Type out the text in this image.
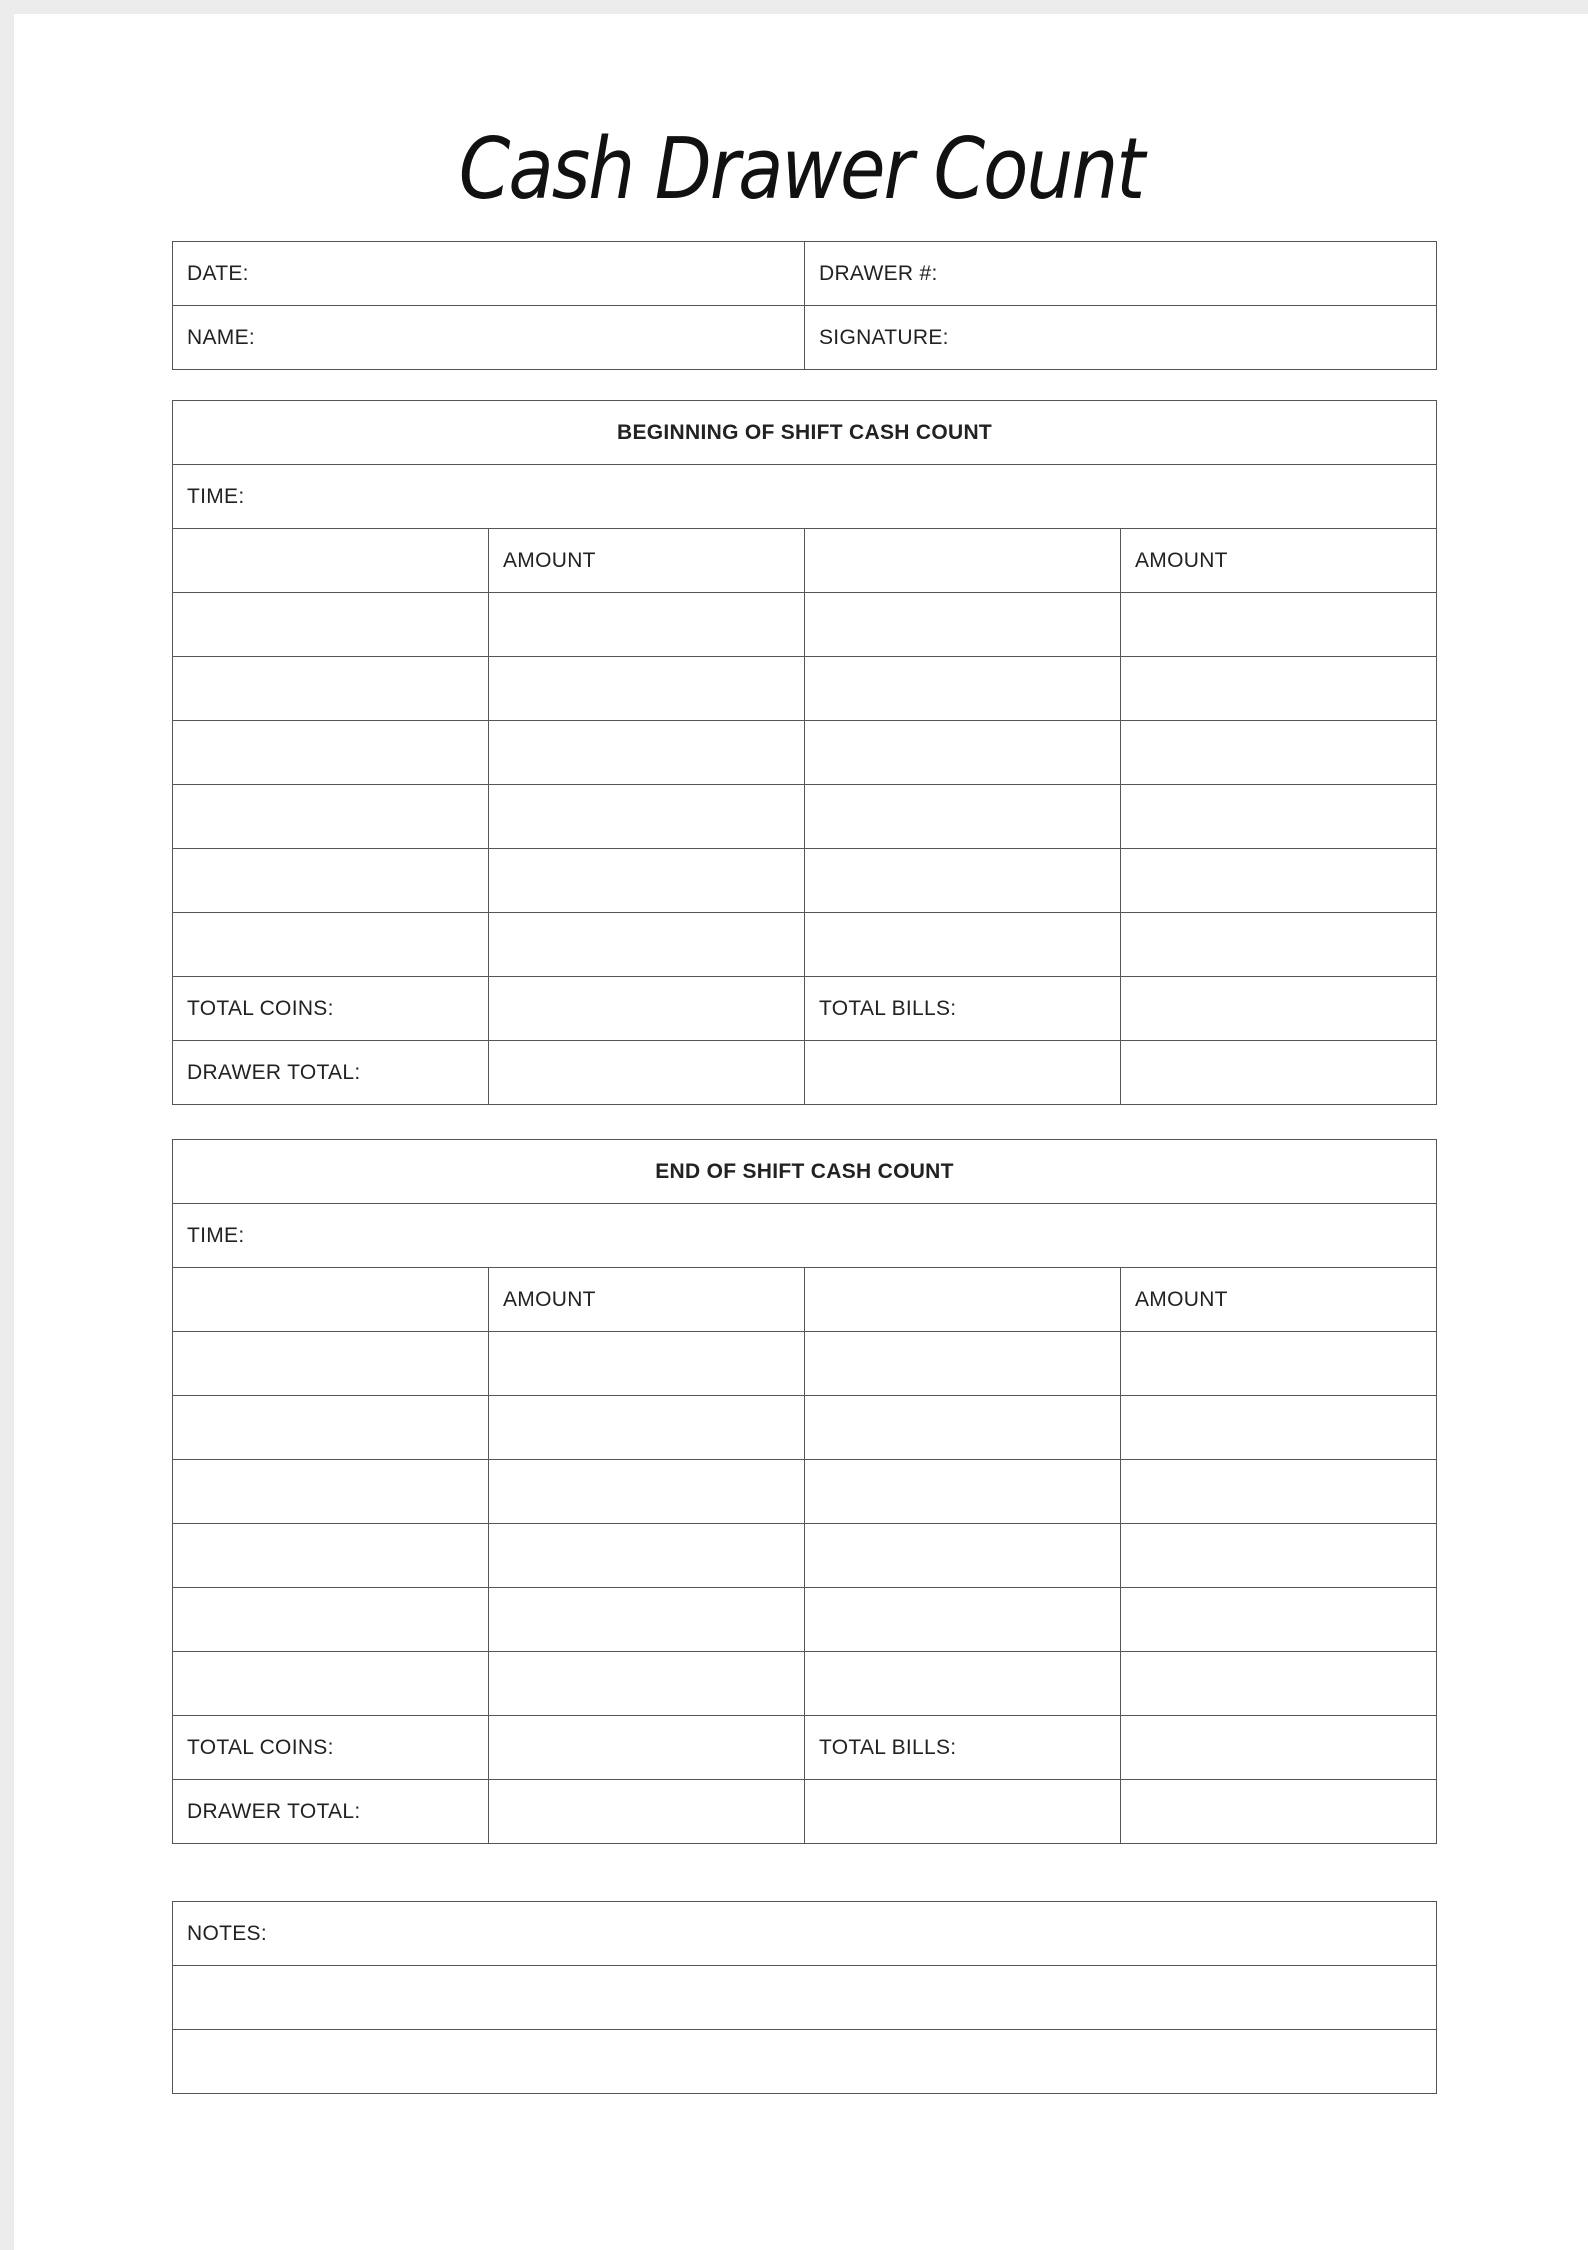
Cash Drawer Count
DATE:	DRAWER #:
NAME:	SIGNATURE:
BEGINNING OF SHIFT CASH COUNT			
TIME:			
	AMOUNT		AMOUNT

TOTAL COINS:		TOTAL BILLS:	
DRAWER TOTAL:			
END OF SHIFT CASH COUNT			
TIME:			
	AMOUNT		AMOUNT

TOTAL COINS:		TOTAL BILLS:	
DRAWER TOTAL:			
NOTES:
